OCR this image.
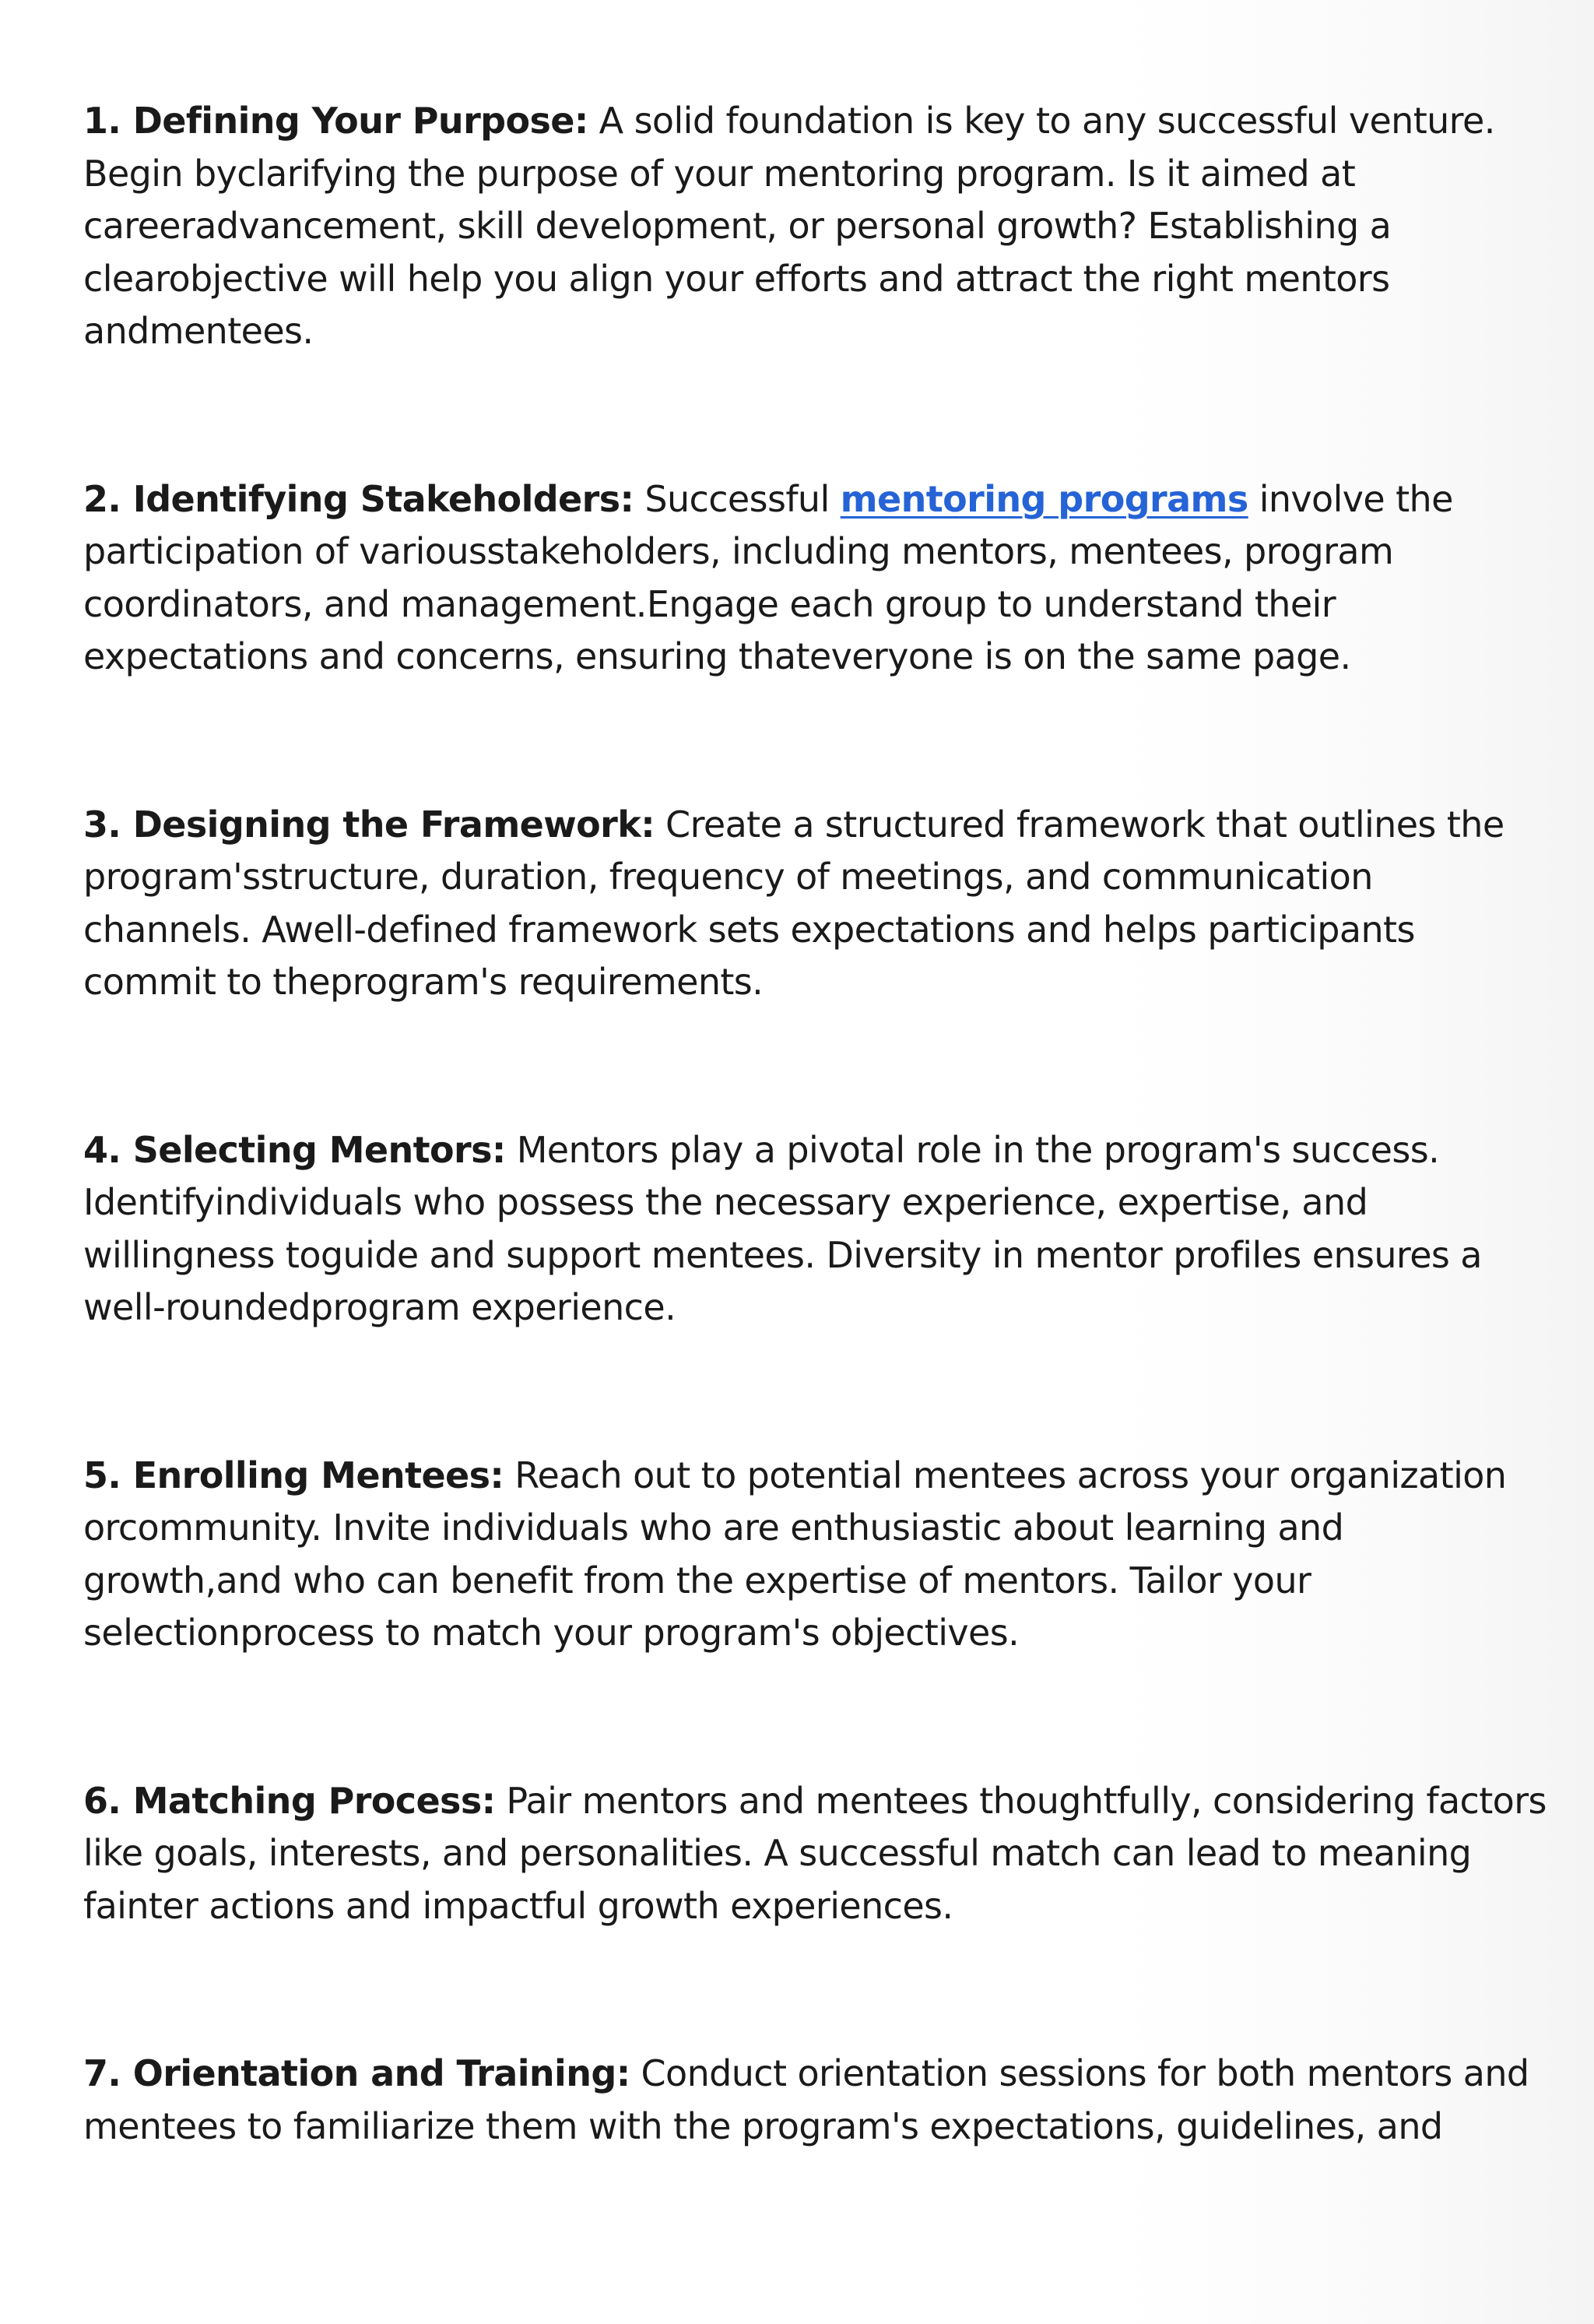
1. Defining Your Purpose: A solid foundation is key to any successful venture. Begin byclarifying the purpose of your mentoring program. Is it aimed at careeradvancement, skill development, or personal growth? Establishing a clearobjective will help you align your efforts and attract the right mentors andmentees.

2. Identifying Stakeholders: Successful mentoring programs involve the participation of variousstakeholders, including mentors, mentees, program coordinators, and management.Engage each group to understand their expectations and concerns, ensuring thateveryone is on the same page.

3. Designing the Framework: Create a structured framework that outlines the program'sstructure, duration, frequency of meetings, and communication channels. Awell-defined framework sets expectations and helps participants commit to theprogram's requirements.

4. Selecting Mentors: Mentors play a pivotal role in the program's success. Identifyindividuals who possess the necessary experience, expertise, and willingness toguide and support mentees. Diversity in mentor profiles ensures a well-roundedprogram experience.

5. Enrolling Mentees: Reach out to potential mentees across your organization orcommunity. Invite individuals who are enthusiastic about learning and growth,and who can benefit from the expertise of mentors. Tailor your selectionprocess to match your program's objectives.

6. Matching Process: Pair mentors and mentees thoughtfully, considering factors like goals, interests, and personalities. A successful match can lead to meaning fainter actions and impactful growth experiences.

7. Orientation and Training: Conduct orientation sessions for both mentors and mentees to familiarize them with the program's expectations, guidelines, and
